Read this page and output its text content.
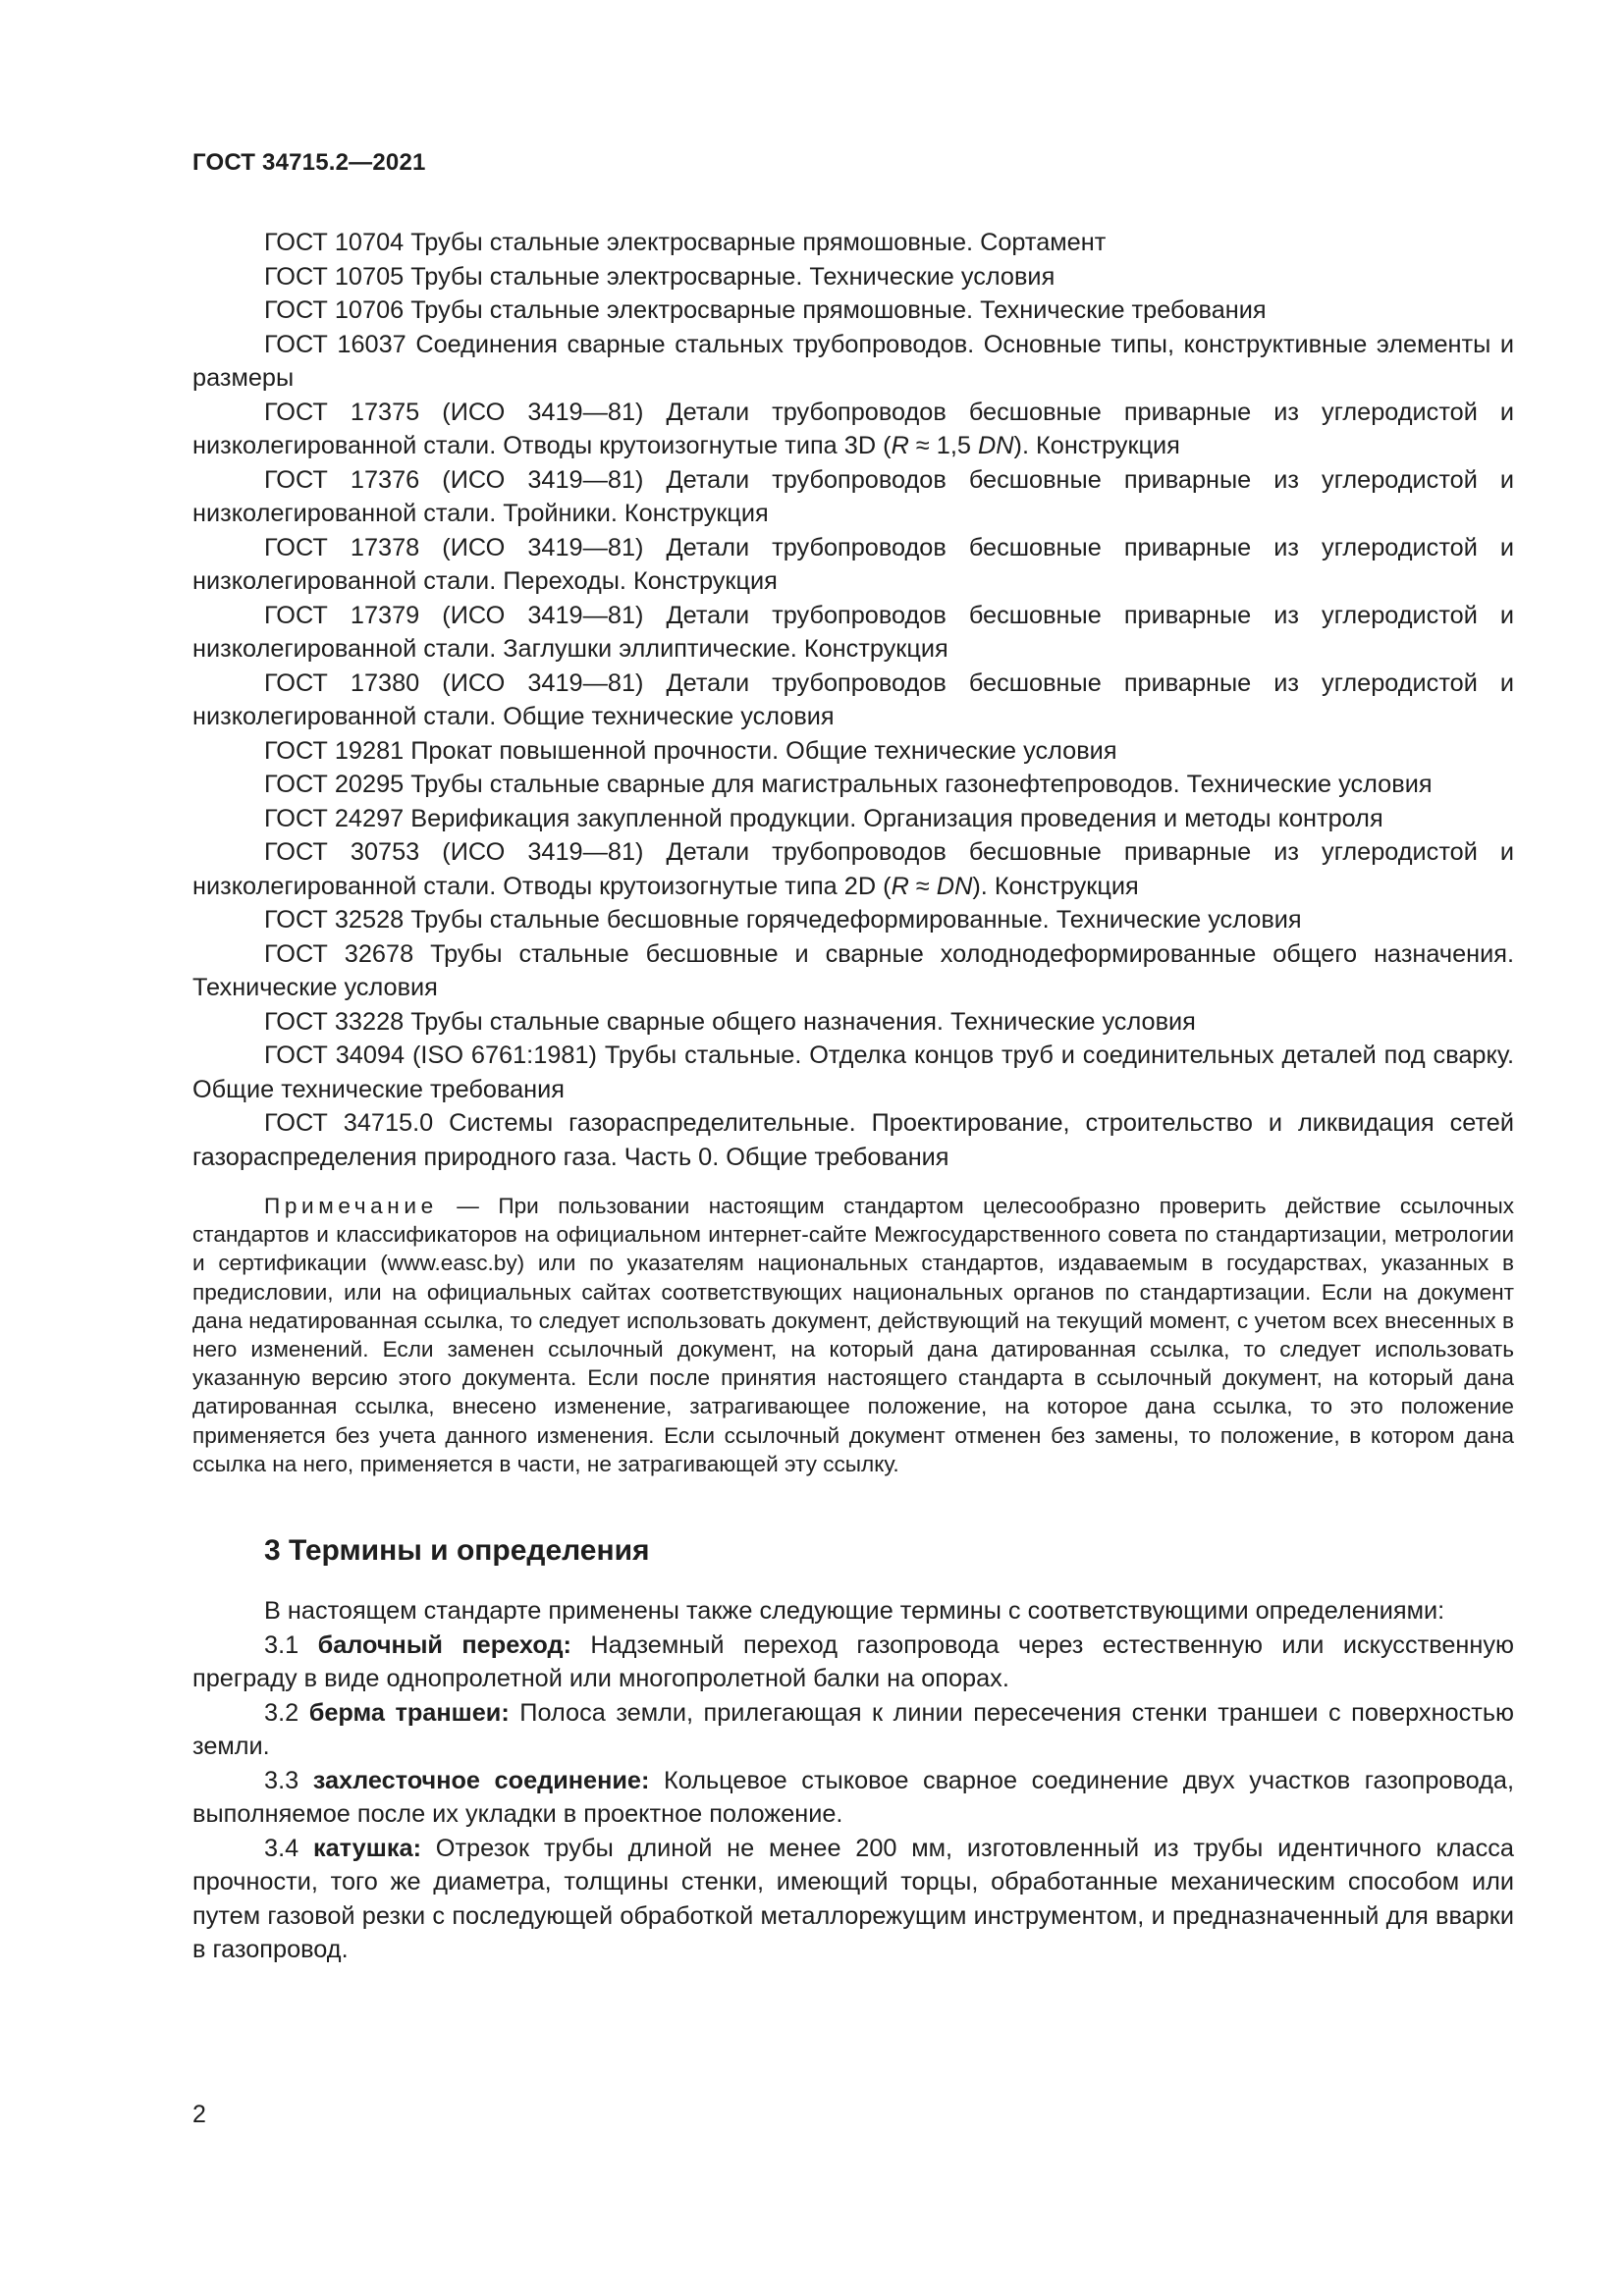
ГОСТ 34715.2—2021

ГОСТ 10704 Трубы стальные электросварные прямошовные. Сортамент

ГОСТ 10705 Трубы стальные электросварные. Технические условия

ГОСТ 10706 Трубы стальные электросварные прямошовные. Технические требования

ГОСТ 16037 Соединения сварные стальных трубопроводов. Основные типы, конструктивные элементы и размеры

ГОСТ 17375 (ИСО 3419—81) Детали трубопроводов бесшовные приварные из углеродистой и низколегированной стали. Отводы крутоизогнутые типа 3D (R ≈ 1,5 DN). Конструкция

ГОСТ 17376 (ИСО 3419—81) Детали трубопроводов бесшовные приварные из углеродистой и низколегированной стали. Тройники. Конструкция

ГОСТ 17378 (ИСО 3419—81) Детали трубопроводов бесшовные приварные из углеродистой и низколегированной стали. Переходы. Конструкция

ГОСТ 17379 (ИСО 3419—81) Детали трубопроводов бесшовные приварные из углеродистой и низколегированной стали. Заглушки эллиптические. Конструкция

ГОСТ 17380 (ИСО 3419—81) Детали трубопроводов бесшовные приварные из углеродистой и низколегированной стали. Общие технические условия

ГОСТ 19281 Прокат повышенной прочности. Общие технические условия

ГОСТ 20295 Трубы стальные сварные для магистральных газонефтепроводов. Технические условия

ГОСТ 24297 Верификация закупленной продукции. Организация проведения и методы контроля

ГОСТ 30753 (ИСО 3419—81) Детали трубопроводов бесшовные приварные из углеродистой и низколегированной стали. Отводы крутоизогнутые типа 2D (R ≈ DN). Конструкция

ГОСТ 32528 Трубы стальные бесшовные горячедеформированные. Технические условия

ГОСТ 32678 Трубы стальные бесшовные и сварные холоднодеформированные общего назначения. Технические условия

ГОСТ 33228 Трубы стальные сварные общего назначения. Технические условия

ГОСТ 34094 (ISO 6761:1981) Трубы стальные. Отделка концов труб и соединительных деталей под сварку. Общие технические требования

ГОСТ 34715.0 Системы газораспределительные. Проектирование, строительство и ликвидация сетей газораспределения природного газа. Часть 0. Общие требования

Примечание — При пользовании настоящим стандартом целесообразно проверить действие ссылочных стандартов и классификаторов на официальном интернет-сайте Межгосударственного совета по стандартизации, метрологии и сертификации (www.easc.by) или по указателям национальных стандартов, издаваемым в государствах, указанных в предисловии, или на официальных сайтах соответствующих национальных органов по стандартизации. Если на документ дана недатированная ссылка, то следует использовать документ, действующий на текущий момент, с учетом всех внесенных в него изменений. Если заменен ссылочный документ, на который дана датированная ссылка, то следует использовать указанную версию этого документа. Если после принятия настоящего стандарта в ссылочный документ, на который дана датированная ссылка, внесено изменение, затрагивающее положение, на которое дана ссылка, то это положение применяется без учета данного изменения. Если ссылочный документ отменен без замены, то положение, в котором дана ссылка на него, применяется в части, не затрагивающей эту ссылку.
3 Термины и определения

В настоящем стандарте применены также следующие термины с соответствующими определениями:

3.1 балочный переход: Надземный переход газопровода через естественную или искусственную преграду в виде однопролетной или многопролетной балки на опорах.

3.2 берма траншеи: Полоса земли, прилегающая к линии пересечения стенки траншеи с поверхностью земли.

3.3 захлесточное соединение: Кольцевое стыковое сварное соединение двух участков газопровода, выполняемое после их укладки в проектное положение.

3.4 катушка: Отрезок трубы длиной не менее 200 мм, изготовленный из трубы идентичного класса прочности, того же диаметра, толщины стенки, имеющий торцы, обработанные механическим способом или путем газовой резки с последующей обработкой металлорежущим инструментом, и предназначенный для вварки в газопровод.

2
